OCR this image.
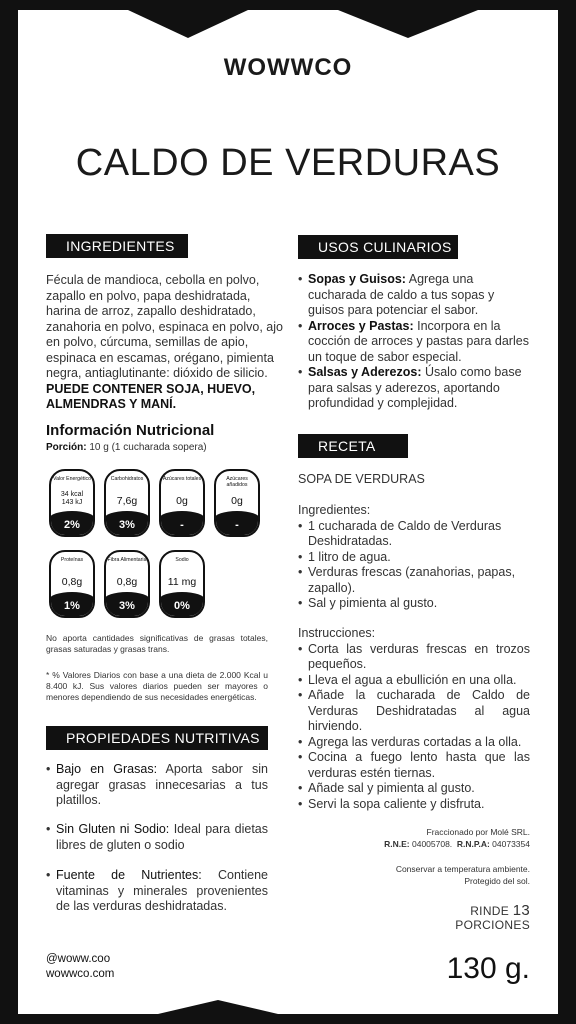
WOWWCO
CALDO DE VERDURAS
INGREDIENTES
Fécula de mandioca, cebolla en polvo, zapallo en polvo, papa deshidratada, harina de arroz, zapallo deshidratado, zanahoria en polvo, espinaca en polvo, ajo en polvo, cúrcuma, semillas de apio, espinaca en escamas, orégano, pimienta negra, antiaglutinante: dióxido de silicio. PUEDE CONTENER SOJA, HUEVO, ALMENDRAS Y MANÍ.
Información Nutricional
Porción: 10 g (1 cucharada sopera)
Valor Energético
34 kcal
143 kJ
2%
Carbohidratos
7,6g
3%
Azúcares totales
0g
-
Azúcares añadidos
0g
-
Proteínas
0,8g
1%
Fibra Alimentaria
0,8g
3%
Sodio
11 mg
0%
No aporta cantidades significativas de grasas totales, grasas saturadas y grasas trans.
* % Valores Diarios con base a una dieta de 2.000 Kcal u 8.400 kJ. Sus valores diarios pueden ser mayores o menores dependiendo de sus necesidades energéticas.
PROPIEDADES NUTRITIVAS
• Bajo en Grasas: Aporta sabor sin agregar grasas innecesarias a tus platillos.
• Sin Gluten ni Sodio: Ideal para dietas libres de gluten o sodio
• Fuente de Nutrientes: Contiene vitaminas y minerales provenientes de las verduras deshidratadas.
USOS CULINARIOS
• Sopas y Guisos: Agrega una cucharada de caldo a tus sopas y guisos para potenciar el sabor.
• Arroces y Pastas: Incorpora en la cocción de arroces y pastas para darles un toque de sabor especial.
• Salsas y Aderezos: Úsalo como base para salsas y aderezos, aportando profundidad y complejidad.
RECETA
SOPA DE VERDURAS
Ingredientes:
• 1 cucharada de Caldo de Verduras Deshidratadas.
• 1 litro de agua.
• Verduras frescas (zanahorias, papas, zapallo).
• Sal y pimienta al gusto.
Instrucciones:
• Corta las verduras frescas en trozos pequeños.
• Lleva el agua a ebullición en una olla.
• Añade la cucharada de Caldo de Verduras Deshidratadas al agua hirviendo.
• Agrega las verduras cortadas a la olla.
• Cocina a fuego lento hasta que las verduras estén tiernas.
• Añade sal y pimienta al gusto.
• Servi la sopa caliente y disfruta.
Fraccionado por Molé SRL.
R.N.E: 04005708. R.N.P.A: 04073354
Conservar a temperatura ambiente.
Protegido del sol.
RINDE 13
PORCIONES
130 g.
@woww.coo
wowwco.com
